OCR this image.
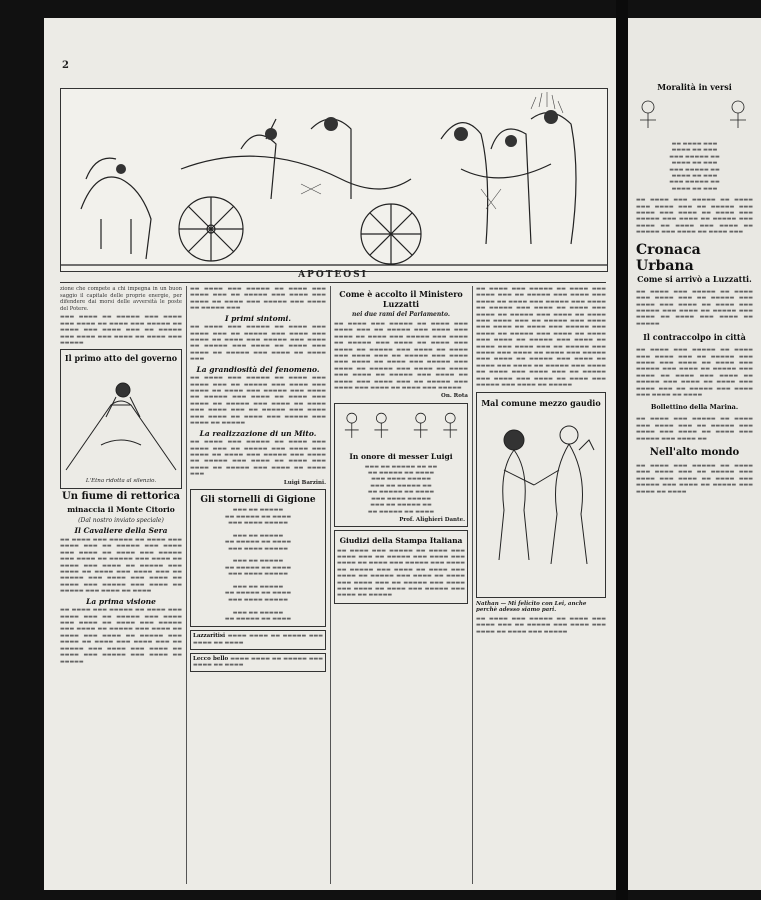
2
APOTEOSI

zione che compete a chi impegna in un buon saggio il capitale delle proprie energie, per difendere dai morsi delle avversità le poste del Potere.

▬▬▬ ▬▬▬▬ ▬▬ ▬▬▬▬▬ ▬▬▬ ▬▬▬▬ ▬▬▬ ▬▬▬▬ ▬▬ ▬▬▬▬ ▬▬▬ ▬▬▬▬▬ ▬▬ ▬▬▬▬ ▬▬▬ ▬▬▬▬ ▬▬▬ ▬▬ ▬▬▬▬▬ ▬▬▬ ▬▬▬▬ ▬▬▬ ▬▬▬▬ ▬▬ ▬▬▬▬ ▬▬▬ ▬▬▬▬▬

Il primo atto del governo
L'Etna ridotta al silenzio.
Un fiume di rettorica
minaccia il Monte Citorio
(Dal nostro inviato speciale)
Il Cavaliere della Sera

▬▬ ▬▬▬▬ ▬▬▬ ▬▬▬▬▬ ▬▬ ▬▬▬▬ ▬▬▬ ▬▬▬▬ ▬▬▬ ▬▬ ▬▬▬▬▬ ▬▬▬ ▬▬▬▬ ▬▬▬ ▬▬▬▬ ▬▬ ▬▬▬▬ ▬▬▬ ▬▬▬▬▬ ▬▬▬ ▬▬▬▬ ▬▬ ▬▬▬▬▬ ▬▬▬ ▬▬▬▬ ▬▬ ▬▬▬▬ ▬▬▬ ▬▬▬▬ ▬▬ ▬▬▬▬▬ ▬▬▬ ▬▬▬▬ ▬▬ ▬▬▬▬ ▬▬▬ ▬▬▬▬ ▬▬▬ ▬▬ ▬▬▬▬▬ ▬▬▬ ▬▬▬▬ ▬▬▬ ▬▬▬▬ ▬▬ ▬▬▬▬ ▬▬▬ ▬▬▬▬▬ ▬▬▬ ▬▬▬▬ ▬▬ ▬▬▬▬▬ ▬▬▬ ▬▬▬▬ ▬▬ ▬▬▬▬

La prima visione

▬▬ ▬▬▬▬ ▬▬▬ ▬▬▬▬▬ ▬▬ ▬▬▬▬ ▬▬▬ ▬▬▬▬ ▬▬▬ ▬▬ ▬▬▬▬▬ ▬▬▬ ▬▬▬▬ ▬▬▬ ▬▬▬▬ ▬▬ ▬▬▬▬ ▬▬▬ ▬▬▬▬▬ ▬▬▬ ▬▬▬▬ ▬▬ ▬▬▬▬▬ ▬▬▬ ▬▬▬▬ ▬▬ ▬▬▬▬ ▬▬▬ ▬▬▬▬ ▬▬ ▬▬▬▬▬ ▬▬▬ ▬▬▬▬ ▬▬ ▬▬▬▬ ▬▬▬ ▬▬▬▬ ▬▬▬ ▬▬ ▬▬▬▬▬ ▬▬▬ ▬▬▬▬ ▬▬▬ ▬▬▬▬ ▬▬ ▬▬▬▬ ▬▬▬ ▬▬▬▬▬ ▬▬▬ ▬▬▬▬ ▬▬ ▬▬▬▬▬

▬▬ ▬▬▬▬ ▬▬▬ ▬▬▬▬▬ ▬▬ ▬▬▬▬ ▬▬▬ ▬▬▬▬ ▬▬▬ ▬▬ ▬▬▬▬▬ ▬▬▬ ▬▬▬▬ ▬▬▬ ▬▬▬▬ ▬▬ ▬▬▬▬ ▬▬▬ ▬▬▬▬▬ ▬▬▬ ▬▬▬▬ ▬▬ ▬▬▬▬▬ ▬▬▬

I primi sintomi.

▬▬ ▬▬▬▬ ▬▬▬ ▬▬▬▬▬ ▬▬ ▬▬▬▬ ▬▬▬ ▬▬▬▬ ▬▬▬ ▬▬ ▬▬▬▬▬ ▬▬▬ ▬▬▬▬ ▬▬▬ ▬▬▬▬ ▬▬ ▬▬▬▬ ▬▬▬ ▬▬▬▬▬ ▬▬▬ ▬▬▬▬ ▬▬ ▬▬▬▬▬ ▬▬▬ ▬▬▬▬ ▬▬ ▬▬▬▬ ▬▬▬ ▬▬▬▬ ▬▬ ▬▬▬▬▬ ▬▬▬ ▬▬▬▬ ▬▬ ▬▬▬▬ ▬▬▬

La grandiosità del fenomeno.

▬▬ ▬▬▬▬ ▬▬▬ ▬▬▬▬▬ ▬▬ ▬▬▬▬ ▬▬▬ ▬▬▬▬ ▬▬▬ ▬▬ ▬▬▬▬▬ ▬▬▬ ▬▬▬▬ ▬▬▬ ▬▬▬▬ ▬▬ ▬▬▬▬ ▬▬▬ ▬▬▬▬▬ ▬▬▬ ▬▬▬▬ ▬▬ ▬▬▬▬▬ ▬▬▬ ▬▬▬▬ ▬▬ ▬▬▬▬ ▬▬▬ ▬▬▬▬ ▬▬ ▬▬▬▬▬ ▬▬▬ ▬▬▬▬ ▬▬ ▬▬▬▬ ▬▬▬ ▬▬▬▬ ▬▬▬ ▬▬ ▬▬▬▬▬ ▬▬▬ ▬▬▬▬ ▬▬▬ ▬▬▬▬ ▬▬ ▬▬▬▬ ▬▬▬ ▬▬▬▬▬ ▬▬▬ ▬▬▬▬ ▬▬ ▬▬▬▬▬

La realizzazione di un Mito.

▬▬ ▬▬▬▬ ▬▬▬ ▬▬▬▬▬ ▬▬ ▬▬▬▬ ▬▬▬ ▬▬▬▬ ▬▬▬ ▬▬ ▬▬▬▬▬ ▬▬▬ ▬▬▬▬ ▬▬▬ ▬▬▬▬ ▬▬ ▬▬▬▬ ▬▬▬ ▬▬▬▬▬ ▬▬▬ ▬▬▬▬ ▬▬ ▬▬▬▬▬ ▬▬▬ ▬▬▬▬ ▬▬ ▬▬▬▬ ▬▬▬ ▬▬▬▬ ▬▬ ▬▬▬▬▬ ▬▬▬ ▬▬▬▬ ▬▬ ▬▬▬▬ ▬▬▬

Luigi Barzini.
Gli stornelli di Gigione

▬▬▬ ▬▬ ▬▬▬▬▬
▬▬ ▬▬▬▬▬ ▬▬ ▬▬▬▬
▬▬▬ ▬▬▬▬ ▬▬▬▬▬

▬▬▬ ▬▬ ▬▬▬▬▬
▬▬ ▬▬▬▬▬ ▬▬ ▬▬▬▬
▬▬▬ ▬▬▬▬ ▬▬▬▬▬

▬▬▬ ▬▬ ▬▬▬▬▬
▬▬ ▬▬▬▬▬ ▬▬ ▬▬▬▬
▬▬▬ ▬▬▬▬ ▬▬▬▬▬

▬▬▬ ▬▬ ▬▬▬▬▬
▬▬ ▬▬▬▬▬ ▬▬ ▬▬▬▬
▬▬▬ ▬▬▬▬ ▬▬▬▬▬

▬▬▬ ▬▬ ▬▬▬▬▬
▬▬ ▬▬▬▬▬ ▬▬ ▬▬▬▬

Lazzaritisi ▬▬▬▬ ▬▬▬▬ ▬▬ ▬▬▬▬▬ ▬▬▬ ▬▬▬▬ ▬▬ ▬▬▬▬
Lecco bello ▬▬▬▬ ▬▬▬▬ ▬▬ ▬▬▬▬▬ ▬▬▬ ▬▬▬▬ ▬▬ ▬▬▬▬
Come è accolto il Ministero Luzzatti
nei due rami del Parlamento.

▬▬ ▬▬▬▬ ▬▬▬ ▬▬▬▬▬ ▬▬ ▬▬▬▬ ▬▬▬ ▬▬▬▬ ▬▬▬ ▬▬ ▬▬▬▬▬ ▬▬▬ ▬▬▬▬ ▬▬▬ ▬▬▬▬ ▬▬ ▬▬▬▬ ▬▬▬ ▬▬▬▬▬ ▬▬▬ ▬▬▬▬ ▬▬ ▬▬▬▬▬ ▬▬▬ ▬▬▬▬ ▬▬ ▬▬▬▬ ▬▬▬ ▬▬▬▬ ▬▬ ▬▬▬▬▬ ▬▬▬ ▬▬▬▬ ▬▬ ▬▬▬▬ ▬▬▬ ▬▬▬▬ ▬▬▬ ▬▬ ▬▬▬▬▬ ▬▬▬ ▬▬▬▬ ▬▬▬ ▬▬▬▬ ▬▬ ▬▬▬▬ ▬▬▬ ▬▬▬▬▬ ▬▬▬ ▬▬▬▬ ▬▬ ▬▬▬▬▬ ▬▬▬ ▬▬▬▬ ▬▬ ▬▬▬▬ ▬▬▬ ▬▬▬▬ ▬▬ ▬▬▬▬▬ ▬▬▬ ▬▬▬▬ ▬▬ ▬▬▬▬ ▬▬▬ ▬▬▬▬ ▬▬▬ ▬▬ ▬▬▬▬▬ ▬▬▬ ▬▬▬▬ ▬▬▬ ▬▬▬▬ ▬▬ ▬▬▬▬ ▬▬▬ ▬▬▬▬▬

On. Rota
In onore di messer Luigi

▬▬▬ ▬▬ ▬▬▬▬▬ ▬▬ ▬▬
▬▬ ▬▬▬▬▬ ▬▬ ▬▬▬▬
▬▬▬ ▬▬▬▬ ▬▬▬▬▬
▬▬▬ ▬▬ ▬▬▬▬▬ ▬▬
▬▬ ▬▬▬▬▬ ▬▬ ▬▬▬▬
▬▬▬ ▬▬▬▬ ▬▬▬▬▬
▬▬▬ ▬▬ ▬▬▬▬▬ ▬▬
▬▬ ▬▬▬▬▬ ▬▬ ▬▬▬▬

Prof. Alighieri Dante.
Giudizi della Stampa Italiana

▬▬ ▬▬▬▬ ▬▬▬ ▬▬▬▬▬ ▬▬ ▬▬▬▬ ▬▬▬ ▬▬▬▬ ▬▬▬ ▬▬ ▬▬▬▬▬ ▬▬▬ ▬▬▬▬ ▬▬▬ ▬▬▬▬ ▬▬ ▬▬▬▬ ▬▬▬ ▬▬▬▬▬ ▬▬▬ ▬▬▬▬ ▬▬ ▬▬▬▬▬ ▬▬▬ ▬▬▬▬ ▬▬ ▬▬▬▬ ▬▬▬ ▬▬▬▬ ▬▬ ▬▬▬▬▬ ▬▬▬ ▬▬▬▬ ▬▬ ▬▬▬▬ ▬▬▬ ▬▬▬▬ ▬▬▬ ▬▬ ▬▬▬▬▬ ▬▬▬ ▬▬▬▬ ▬▬▬ ▬▬▬▬ ▬▬ ▬▬▬▬ ▬▬▬ ▬▬▬▬▬ ▬▬▬ ▬▬▬▬ ▬▬ ▬▬▬▬▬

▬▬ ▬▬▬▬ ▬▬▬ ▬▬▬▬▬ ▬▬ ▬▬▬▬ ▬▬▬ ▬▬▬▬ ▬▬▬ ▬▬ ▬▬▬▬▬ ▬▬▬ ▬▬▬▬ ▬▬▬ ▬▬▬▬ ▬▬ ▬▬▬▬ ▬▬▬ ▬▬▬▬▬ ▬▬▬ ▬▬▬▬ ▬▬ ▬▬▬▬▬ ▬▬▬ ▬▬▬▬ ▬▬ ▬▬▬▬ ▬▬▬ ▬▬▬▬ ▬▬ ▬▬▬▬▬ ▬▬▬ ▬▬▬▬ ▬▬ ▬▬▬▬ ▬▬▬ ▬▬▬▬ ▬▬▬ ▬▬ ▬▬▬▬▬ ▬▬▬ ▬▬▬▬ ▬▬▬ ▬▬▬▬ ▬▬ ▬▬▬▬ ▬▬▬ ▬▬▬▬▬ ▬▬▬ ▬▬▬▬ ▬▬ ▬▬▬▬▬ ▬▬▬ ▬▬▬▬ ▬▬ ▬▬▬▬ ▬▬▬ ▬▬▬▬ ▬▬ ▬▬▬▬▬ ▬▬▬ ▬▬▬▬ ▬▬ ▬▬▬▬ ▬▬▬ ▬▬▬▬ ▬▬▬ ▬▬ ▬▬▬▬▬ ▬▬▬ ▬▬▬▬ ▬▬▬ ▬▬▬▬ ▬▬ ▬▬▬▬ ▬▬▬ ▬▬▬▬▬ ▬▬▬ ▬▬▬▬ ▬▬ ▬▬▬▬▬ ▬▬▬ ▬▬▬▬ ▬▬ ▬▬▬▬ ▬▬▬ ▬▬▬▬ ▬▬ ▬▬▬▬▬ ▬▬▬ ▬▬▬▬ ▬▬ ▬▬▬▬ ▬▬▬ ▬▬▬▬ ▬▬▬ ▬▬ ▬▬▬▬▬ ▬▬▬ ▬▬▬▬ ▬▬▬ ▬▬▬▬ ▬▬ ▬▬▬▬ ▬▬▬ ▬▬▬▬▬ ▬▬▬ ▬▬▬▬ ▬▬ ▬▬▬▬▬

Mal comune mezzo gaudio

Nathan — Mi felicito con Lei, anche perchè adesso siamo pari.

▬▬ ▬▬▬▬ ▬▬▬ ▬▬▬▬▬ ▬▬ ▬▬▬▬ ▬▬▬ ▬▬▬▬ ▬▬▬ ▬▬ ▬▬▬▬▬ ▬▬▬ ▬▬▬▬ ▬▬▬ ▬▬▬▬ ▬▬ ▬▬▬▬ ▬▬▬ ▬▬▬▬▬

Moralità in versi

▬▬ ▬▬▬▬ ▬▬▬
▬▬▬▬ ▬▬ ▬▬▬
▬▬▬ ▬▬▬▬▬ ▬▬
▬▬▬▬ ▬▬ ▬▬▬
▬▬▬ ▬▬▬▬▬ ▬▬
▬▬▬▬ ▬▬ ▬▬▬
▬▬▬ ▬▬▬▬▬ ▬▬
▬▬▬▬ ▬▬ ▬▬▬

▬▬ ▬▬▬▬ ▬▬▬ ▬▬▬▬▬ ▬▬ ▬▬▬▬ ▬▬▬ ▬▬▬▬ ▬▬▬ ▬▬ ▬▬▬▬▬ ▬▬▬ ▬▬▬▬ ▬▬▬ ▬▬▬▬ ▬▬ ▬▬▬▬ ▬▬▬ ▬▬▬▬▬ ▬▬▬ ▬▬▬▬ ▬▬ ▬▬▬▬▬ ▬▬▬ ▬▬▬▬ ▬▬ ▬▬▬▬ ▬▬▬ ▬▬▬▬ ▬▬ ▬▬▬▬▬ ▬▬▬ ▬▬▬▬ ▬▬ ▬▬▬▬ ▬▬▬

Cronaca Urbana
Come si arrivò a Luzzatti.

▬▬ ▬▬▬▬ ▬▬▬ ▬▬▬▬▬ ▬▬ ▬▬▬▬ ▬▬▬ ▬▬▬▬ ▬▬▬ ▬▬ ▬▬▬▬▬ ▬▬▬ ▬▬▬▬ ▬▬▬ ▬▬▬▬ ▬▬ ▬▬▬▬ ▬▬▬ ▬▬▬▬▬ ▬▬▬ ▬▬▬▬ ▬▬ ▬▬▬▬▬ ▬▬▬ ▬▬▬▬ ▬▬ ▬▬▬▬ ▬▬▬ ▬▬▬▬ ▬▬ ▬▬▬▬▬

Il contraccolpo in città

▬▬ ▬▬▬▬ ▬▬▬ ▬▬▬▬▬ ▬▬ ▬▬▬▬ ▬▬▬ ▬▬▬▬ ▬▬▬ ▬▬ ▬▬▬▬▬ ▬▬▬ ▬▬▬▬ ▬▬▬ ▬▬▬▬ ▬▬ ▬▬▬▬ ▬▬▬ ▬▬▬▬▬ ▬▬▬ ▬▬▬▬ ▬▬ ▬▬▬▬▬ ▬▬▬ ▬▬▬▬ ▬▬ ▬▬▬▬ ▬▬▬ ▬▬▬▬ ▬▬ ▬▬▬▬▬ ▬▬▬ ▬▬▬▬ ▬▬ ▬▬▬▬ ▬▬▬ ▬▬▬▬ ▬▬▬ ▬▬ ▬▬▬▬▬ ▬▬▬ ▬▬▬▬ ▬▬▬ ▬▬▬▬ ▬▬ ▬▬▬▬

Bollettino della Marina.

▬▬ ▬▬▬▬ ▬▬▬ ▬▬▬▬▬ ▬▬ ▬▬▬▬ ▬▬▬ ▬▬▬▬ ▬▬▬ ▬▬ ▬▬▬▬▬ ▬▬▬ ▬▬▬▬ ▬▬▬ ▬▬▬▬ ▬▬ ▬▬▬▬ ▬▬▬ ▬▬▬▬▬ ▬▬▬ ▬▬▬▬ ▬▬

Nell'alto mondo

▬▬ ▬▬▬▬ ▬▬▬ ▬▬▬▬▬ ▬▬ ▬▬▬▬ ▬▬▬ ▬▬▬▬ ▬▬▬ ▬▬ ▬▬▬▬▬ ▬▬▬ ▬▬▬▬ ▬▬▬ ▬▬▬▬ ▬▬ ▬▬▬▬ ▬▬▬ ▬▬▬▬▬ ▬▬▬ ▬▬▬▬ ▬▬ ▬▬▬▬▬ ▬▬▬ ▬▬▬▬ ▬▬ ▬▬▬▬
